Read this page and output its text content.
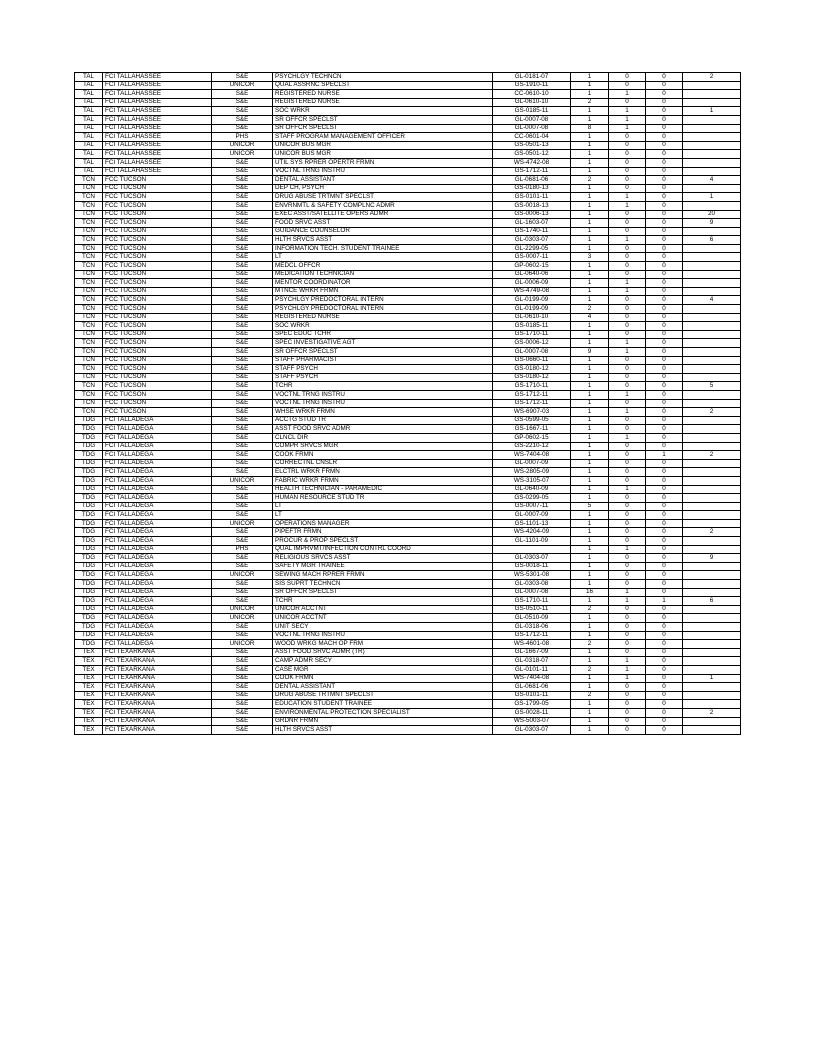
TAL	FCI TALLAHASSEE	S&E	PSYCHLGY TECHNCN	GL-0181-07	1	0	0	2
TAL	FCI TALLAHASSEE	UNICOR	QUAL ASSRNC SPECLST	GS-1910-11	1	0	0	
TAL	FCI TALLAHASSEE	S&E	REGISTERED NURSE	CC-0610-10	1	1	0	
TAL	FCI TALLAHASSEE	S&E	REGISTERED NURSE	GL-0610-10	2	0	0	
TAL	FCI TALLAHASSEE	S&E	SOC WRKR	GS-0185-11	1	1	0	1
TAL	FCI TALLAHASSEE	S&E	SR OFFCR SPECLST	GL-0007-08	1	1	0	
TAL	FCI TALLAHASSEE	S&E	SR OFFCR SPECLST	GL-0007-08	8	1	0	
TAL	FCI TALLAHASSEE	PHS	STAFF PROGRAM MANAGEMENT OFFICER	CC-0601-04	1	0	0	
TAL	FCI TALLAHASSEE	UNICOR	UNICOR BUS MGR	GS-0501-13	1	0	0	
TAL	FCI TALLAHASSEE	UNICOR	UNICOR BUS MGR	GS-0501-12	1	0	0	
TAL	FCI TALLAHASSEE	S&E	UTIL SYS RPRER OPERTR FRMN	WS-4742-08	1	0	0	
TAL	FCI TALLAHASSEE	S&E	VOCTNL TRNG INSTRU	GS-1712-11	1	0	0	
TCN	FCC TUCSON	S&E	DENTAL ASSISTANT	GL-0681-06	2	0	0	4
TCN	FCC TUCSON	S&E	DEP CH, PSYCH	GS-0180-13	1	0	0	
TCN	FCC TUCSON	S&E	DRUG ABUSE TRTMNT SPECLST	GS-0101-11	1	1	0	1
TCN	FCC TUCSON	S&E	ENVRNMTL & SAFETY COMPLNC ADMR	GS-0018-13	1	1	0	
TCN	FCC TUCSON	S&E	EXEC ASST/SATELLITE OPERS ADMR	GS-0006-13	1	0	0	20
TCN	FCC TUCSON	S&E	FOOD SRVC ASST	GL-1603-07	1	0	0	9
TCN	FCC TUCSON	S&E	GUIDANCE COUNSELOR	GS-1740-11	1	0	0	
TCN	FCC TUCSON	S&E	HLTH SRVCS ASST	GL-0303-07	1	1	0	6
TCN	FCC TUCSON	S&E	INFORMATION TECH. STUDENT TRAINEE	GL-2299-05	1	0	0	
TCN	FCC TUCSON	S&E	LT	GS-0007-11	3	0	0	
TCN	FCC TUCSON	S&E	MEDCL OFFCR	GP-0602-15	1	0	0	
TCN	FCC TUCSON	S&E	MEDICATION TECHNICIAN	GL-0640-06	1	0	0	
TCN	FCC TUCSON	S&E	MENTOR COORDINATOR	GL-0006-09	1	1	0	
TCN	FCC TUCSON	S&E	MTNCE WRKR FRMN	WS-4749-08	1	1	0	
TCN	FCC TUCSON	S&E	PSYCHLGY PREDOCTORAL INTERN	GL-0199-09	1	0	0	4
TCN	FCC TUCSON	S&E	PSYCHLGY PREDOCTORAL INTERN	GL-0199-09	2	0	0	
TCN	FCC TUCSON	S&E	REGISTERED NURSE	GL-0610-10	4	0	0	
TCN	FCC TUCSON	S&E	SOC WRKR	GS-0185-11	1	0	0	
TCN	FCC TUCSON	S&E	SPEC EDUC TCHR	GS-1710-11	1	0	0	
TCN	FCC TUCSON	S&E	SPEC INVESTIGATIVE AGT	GS-0006-12	1	1	0	
TCN	FCC TUCSON	S&E	SR OFFCR SPECLST	GL-0007-08	9	1	0	
TCN	FCC TUCSON	S&E	STAFF PHARMACIST	GS-0660-11	1	0	0	
TCN	FCC TUCSON	S&E	STAFF PSYCH	GS-0180-12	1	0	0	
TCN	FCC TUCSON	S&E	STAFF PSYCH	GS-0180-12	1	0	0	
TCN	FCC TUCSON	S&E	TCHR	GS-1710-11	1	0	0	5
TCN	FCC TUCSON	S&E	VOCTNL TRNG INSTRU	GS-1712-11	1	1	0	
TCN	FCC TUCSON	S&E	VOCTNL TRNG INSTRU	GS-1712-11	1	0	0	
TCN	FCC TUCSON	S&E	WHSE WRKR FRMN	WS-6907-03	1	1	0	2
TDG	FCI TALLADEGA	S&E	ACCTG STUD TR	GS-0599-05	1	0	0	
TDG	FCI TALLADEGA	S&E	ASST FOOD SRVC ADMR	GS-1667-11	1	0	0	
TDG	FCI TALLADEGA	S&E	CLNCL DIR	GP-0602-15	1	1	0	
TDG	FCI TALLADEGA	S&E	COMPR SRVCS MGR	GS-2210-12	1	0	0	
TDG	FCI TALLADEGA	S&E	COOK FRMN	WS-7404-08	1	0	1	2
TDG	FCI TALLADEGA	S&E	CORRECTNL CNSLR	GL-0007-09	1	0	0	
TDG	FCI TALLADEGA	S&E	ELCTRL WRKR FRMN	WS-2805-09	1	0	0	
TDG	FCI TALLADEGA	UNICOR	FABRIC WRKR FRMN	WS-3105-07	1	0	0	
TDG	FCI TALLADEGA	S&E	HEALTH TECHNICIAN - PARAMEDIC	GL-0640-09	1	1	0	
TDG	FCI TALLADEGA	S&E	HUMAN RESOURCE STUD TR	GS-0299-05	1	0	0	
TDG	FCI TALLADEGA	S&E	LT	GS-0007-11	5	0	0	
TDG	FCI TALLADEGA	S&E	LT	GL-0007-09	1	0	0	
TDG	FCI TALLADEGA	UNICOR	OPERATIONS MANAGER	GS-1101-13	1	0	0	
TDG	FCI TALLADEGA	S&E	PIPEFTR FRMN	WS-4204-09	1	0	0	2
TDG	FCI TALLADEGA	S&E	PROCUR & PROP SPECLST	GL-1101-09	1	0	0	
TDG	FCI TALLADEGA	PHS	QUAL IMPRVMT/INFECTION CONTRL COORD		1	1	0	
TDG	FCI TALLADEGA	S&E	RELIGIOUS SRVCS ASST	GL-0303-07	1	0	0	9
TDG	FCI TALLADEGA	S&E	SAFETY MGR TRAINEE	GS-0018-11	1	0	0	
TDG	FCI TALLADEGA	UNICOR	SEWING MACH RPRER FRMN	WS-5301-08	1	0	0	
TDG	FCI TALLADEGA	S&E	SIS SUPRT TECHNCN	GL-0303-08	1	0	0	
TDG	FCI TALLADEGA	S&E	SR OFFCR SPECLST	GL-0007-08	16	1	0	
TDG	FCI TALLADEGA	S&E	TCHR	GS-1710-11	1	1	1	6
TDG	FCI TALLADEGA	UNICOR	UNICOR ACCTNT	GS-0510-11	2	0	0	
TDG	FCI TALLADEGA	UNICOR	UNICOR ACCTNT	GL-0510-09	1	0	0	
TDG	FCI TALLADEGA	S&E	UNIT SECY	GL-0318-06	1	0	0	
TDG	FCI TALLADEGA	S&E	VOCTNL TRNG INSTRU	GS-1712-11	1	0	0	
TDG	FCI TALLADEGA	UNICOR	WOOD WRKG MACH OP FRM	WS-4601-08	2	0	0	
TEX	FCI TEXARKANA	S&E	ASST FOOD SRVC ADMR (TR)	GL-1667-09	1	0	0	
TEX	FCI TEXARKANA	S&E	CAMP ADMR SECY	GL-0318-07	1	1	0	
TEX	FCI TEXARKANA	S&E	CASE MGR	GL-0101-11	2	1	0	
TEX	FCI TEXARKANA	S&E	COOK FRMN	WS-7404-08	1	1	0	1
TEX	FCI TEXARKANA	S&E	DENTAL ASSISTANT	GL-0681-06	1	0	0	
TEX	FCI TEXARKANA	S&E	DRUG ABUSE TRTMNT SPECLST	GS-0101-11	2	0	0	
TEX	FCI TEXARKANA	S&E	EDUCATION STUDENT TRAINEE	GS-1799-05	1	0	0	
TEX	FCI TEXARKANA	S&E	ENVIRONMENTAL PROTECTION SPECIALIST	GS-0028-11	1	0	0	2
TEX	FCI TEXARKANA	S&E	GRDNR FRMN	WS-5003-07	1	0	0	
TEX	FCI TEXARKANA	S&E	HLTH SRVCS ASST	GL-0303-07	1	0	0	
